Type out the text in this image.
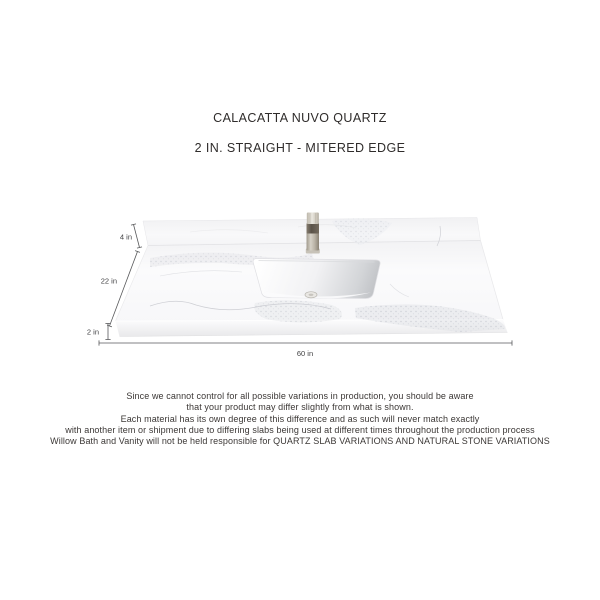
CALACATTA NUVO QUARTZ
2 IN. STRAIGHT - MITERED EDGE
4 in
22 in
2 in
60 in
Since we cannot control for all possible variations in production, you should be aware
that your product may differ slightly from what is shown.
Each material has its own degree of this difference and as such will never match exactly
with another item or shipment due to differing slabs being used at different times throughout the production process
Willow Bath and Vanity will not be held responsible for QUARTZ SLAB VARIATIONS AND NATURAL STONE VARIATIONS
